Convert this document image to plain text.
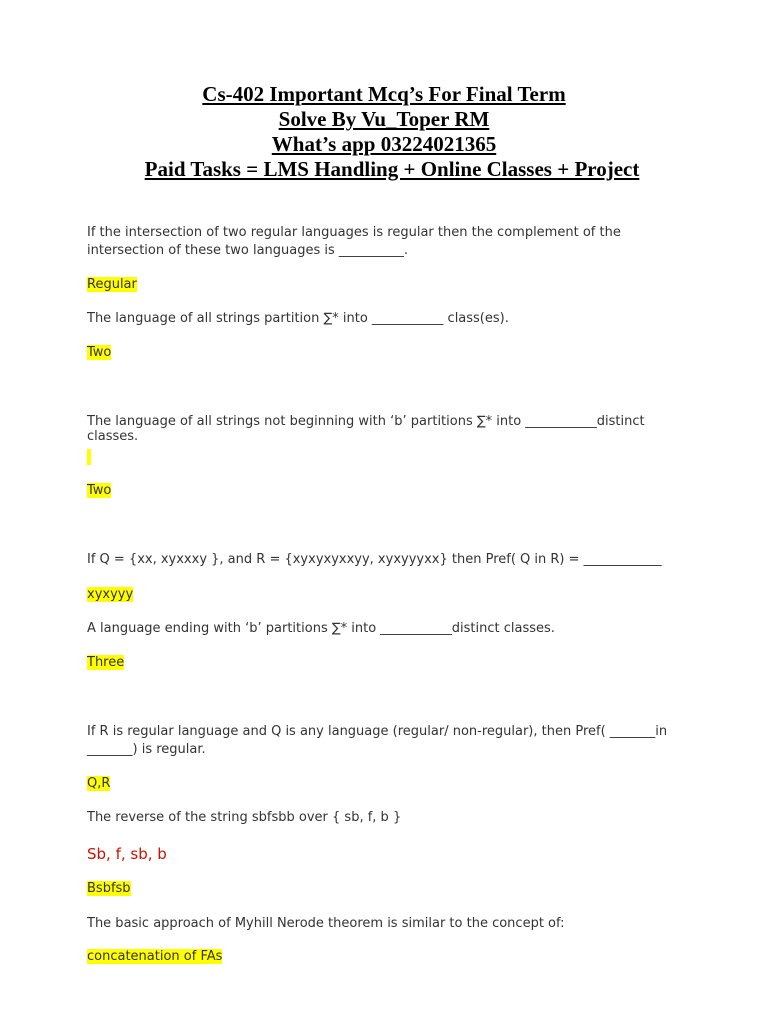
Cs-402 Important Mcq’s For Final Term
Solve By Vu_Toper RM
What’s app 03224021365
Paid Tasks = LMS Handling + Online Classes + Project
If the intersection of two regular languages is regular then the complement of the intersection of these two languages is __________.
Regular
The language of all strings partition ∑* into ___________ class(es).
Two
The language of all strings not beginning with ‘b’ partitions ∑* into ___________distinct classes.
Two
If Q = {xx, xyxxxy }, and R = {xyxyxyxxyy, xyxyyyxx} then Pref( Q in R) = ____________
xyxyyy
A language ending with ‘b’ partitions ∑* into ___________distinct classes.
Three
If R is regular language and Q is any language (regular/ non-regular), then Pref( _______in _______) is regular.
Q,R
The reverse of the string sbfsbb over { sb, f, b }
Sb, f, sb, b
Bsbfsb
The basic approach of Myhill Nerode theorem is similar to the concept of:
concatenation of FAs
